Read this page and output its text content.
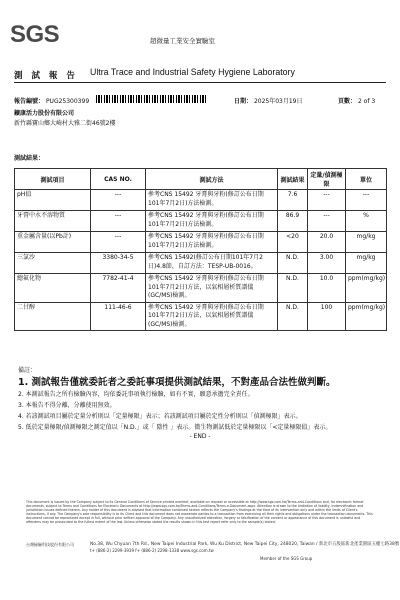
SGS	超微量工業安全實驗室
測 試 報 告 Ultra Trace and Industrial Safety Hygiene Laboratory
報告編號： PUG25300399	日期： 2025年03月19日	頁數： 2 of 3
鑛康活力股份有限公司
新竹縣寶山鄉大崎村大雅二街46號2樓
測試結果：
測試項目	CAS NO.	測試方法	測試結果	定量/偵測極限	單位
pH值	---	參考CNS 15492 牙膏與牙粉(修訂公布日期101年7月2日)方法檢測。	7.6	---	---
牙膏中水不溶物質	---	參考CNS 15492 牙膏與牙粉(修訂公布日期101年7月2日)方法檢測。	86.9	---	%
重金屬含量(以Pb計)	---	參考CNS 15492 牙膏與牙粉(修訂公布日期101年7月2日)方法檢測。	<20	20.0	mg/kg
三氯沙	3380-34-5	參考CNS 15492(修訂公布日期101年7月2日)4.8節，自訂方法：TESP-UB-0016。	N.D.	3.00	mg/kg
總氟化物	7782-41-4	參考CNS 15492 牙膏與牙粉(修訂公布日期101年7月2日)方法，以氣相層析質譜儀(GC/MS)檢測。	N.D.	10.0	ppm(mg/kg)
二甘醇	111-46-6	參考CNS 15492 牙膏與牙粉(修訂公布日期101年7月2日)方法，以氣相層析質譜儀(GC/MS)檢測。	N.D.	100	ppm(mg/kg)
備註：
1. 測試報告僅就委託者之委託事項提供測試結果，不對產品合法性做判斷。
2. 本測試報告之所有檢驗內容，均依委託事項執行檢驗，如有不實，願意承擔完全責任。
3. 本報告不得分離，分離使用無效。
4. 若該測試項目屬於定量分析則以「定量極限」表示；若該測試項目屬於定性分析則以「偵測極限」表示。
5. 低於定量極限/偵測極限之測定值以「N.D.」或「 陰性 」表示。微生物測試低於定量極限以「<定量極限值」表示。
- END -
This document is issued by the Company subject to its General Conditions of Service printed overleaf, available on request or accessible at http://www.sgs.com.tw/Terms-and-Conditions and, for electronic format documents, subject to Terms and Conditions for Electronic Documents at http://www.sgs.com.tw/Terms-and-Conditions/Terms-e-Document.aspx. Attention is drawn to the limitation of liability, indemnification and jurisdiction issues defined therein. Any holder of this document is advised that information contained hereon reflects the Company's findings at the time of its intervention only and within the limits of Client's instructions, if any. The Company's sole responsibility is to its Client and this document does not exonerate parties to a transaction from exercising all their rights and obligations under the transaction documents. This document cannot be reproduced except in full, without prior written approval of the Company. Any unauthorized alteration, forgery or falsification of the content or appearance of this document is unlawful and offenders may be prosecuted to the fullest extent of the law. Unless otherwise stated the results shown in this test report refer only to the sample(s) tested.
台灣檢驗科技股份有限公司	No.38, Wu Chyuan 7th Rd., New Taipei Industrial Park, Wu Ku District, New Taipei City, 248020, Taiwan / 新北市五股區新北產業園區五權七路38號
t+ (886-2) 2299-3939 f+ (886-2) 2298-1338 www.sgs.com.tw
Member of the SGS Group
